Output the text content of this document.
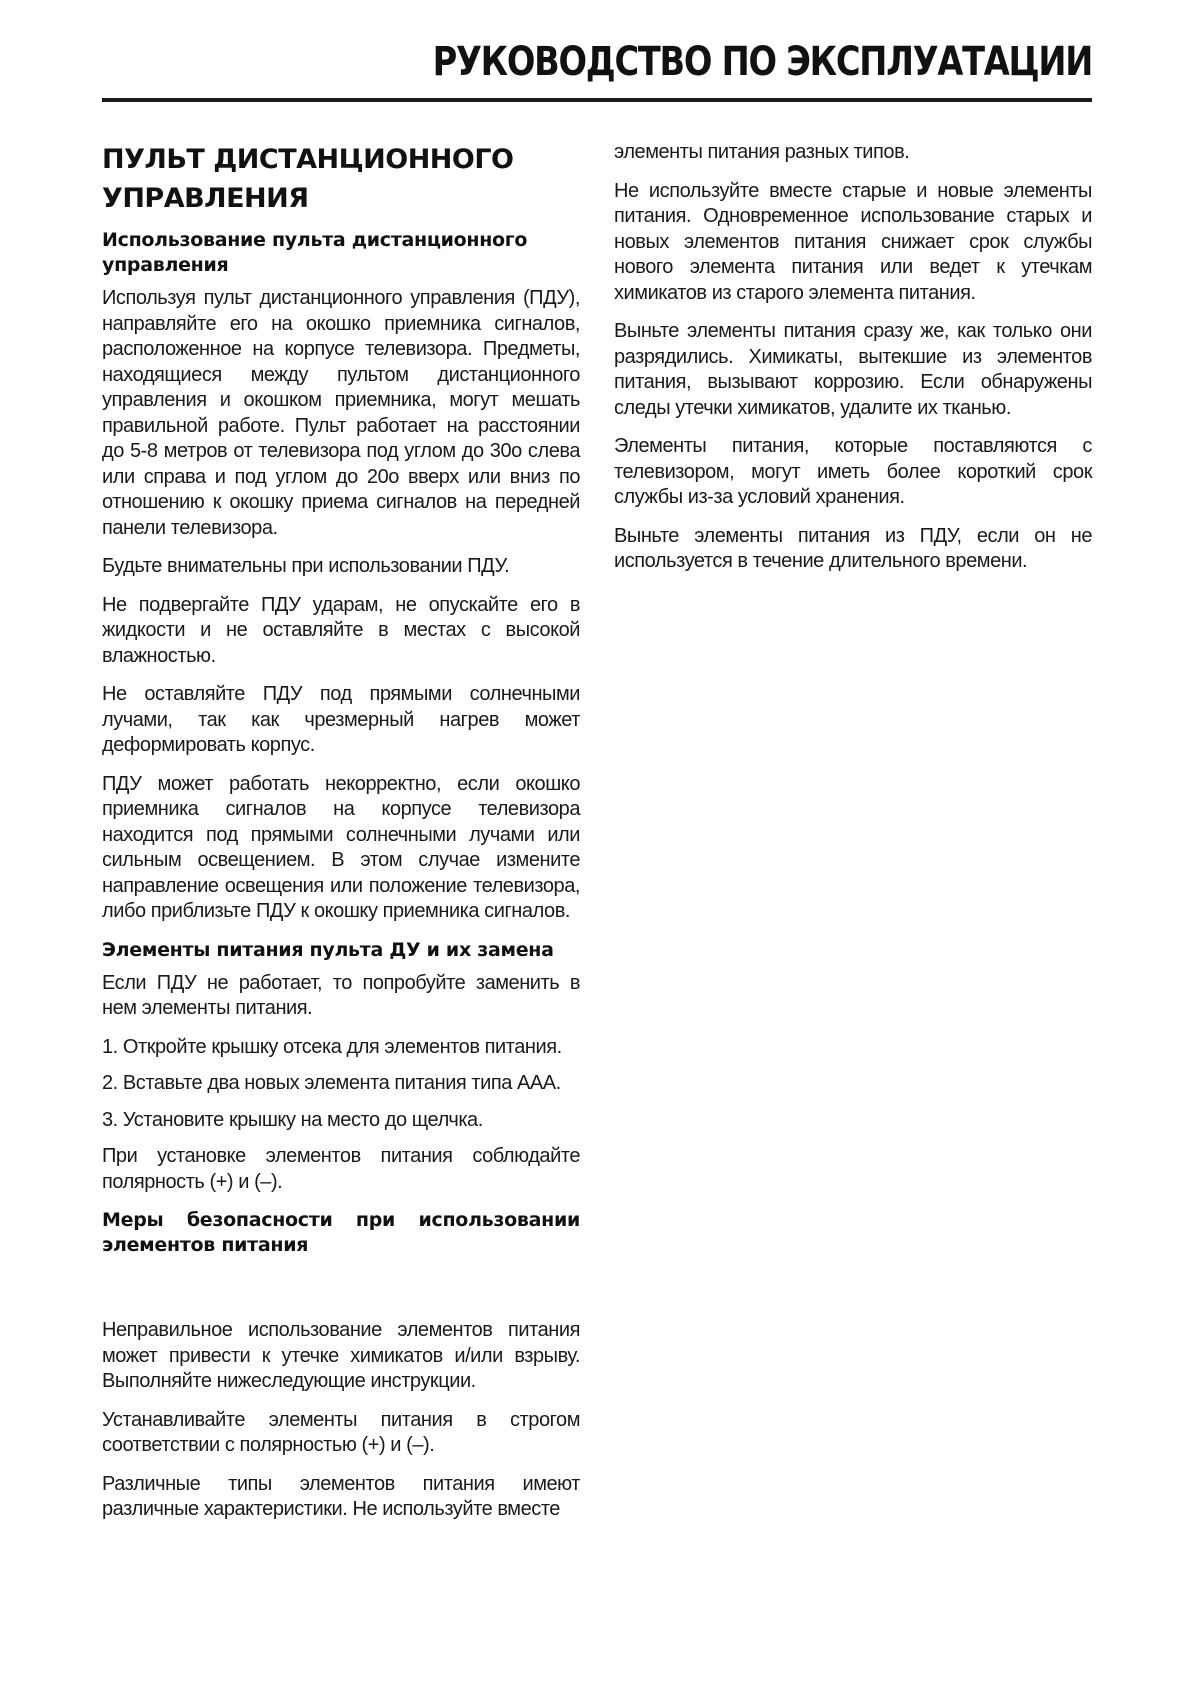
РУКОВОДСТВО ПО ЭКСПЛУАТАЦИИ
ПУЛЬТ ДИСТАНЦИОННОГО УПРАВЛЕНИЯ
Использование пульта дистанционного управления

Используя пульт дистанционного управления (ПДУ), направляйте его на окошко приемника сигналов, расположенное на корпусе телевизора. Предметы, находящиеся между пультом дистанционного управления и окошком приемника, могут мешать правильной работе. Пульт работает на расстоянии до 5-8 метров от телевизора под углом до 30о слева или справа и под углом до 20о вверх или вниз по отношению к окошку приема сигналов на передней панели телевизора.

Будьте внимательны при использовании ПДУ.

Не подвергайте ПДУ ударам, не опускайте его в жидкости и не оставляйте в местах с высокой влажностью.

Не оставляйте ПДУ под прямыми солнечными лучами, так как чрезмерный нагрев может деформировать корпус.

ПДУ может работать некорректно, если окошко приемника сигналов на корпусе телевизора находится под прямыми солнечными лучами или сильным освещением. В этом случае измените направление освещения или положение телевизора, либо приблизьте ПДУ к окошку приемника сигналов.

Элементы питания пульта ДУ и их замена

Если ПДУ не работает, то попробуйте заменить в нем элементы питания.

1. Откройте крышку отсека для элементов питания.

2. Вставьте два новых элемента питания типа ААА.

3. Установите крышку на место до щелчка.

При установке элементов питания соблюдайте полярность (+) и (–).

Меры безопасности при использовании элементов питания

Неправильное использование элементов питания может привести к утечке химикатов и/или взрыву. Выполняйте нижеследующие инструкции.

Устанавливайте элементы питания в строгом соответствии с полярностью (+) и (–).

Различные типы элементов питания имеют различные характеристики. Не используйте вместе

элементы питания разных типов.

Не используйте вместе старые и новые элементы питания. Одновременное использование старых и новых элементов питания снижает срок службы нового элемента питания или ведет к утечкам химикатов из старого элемента питания.

Выньте элементы питания сразу же, как только они разрядились. Химикаты, вытекшие из элементов питания, вызывают коррозию. Если обнаружены следы утечки химикатов, удалите их тканью.

Элементы питания, которые поставляются с телевизором, могут иметь более короткий срок службы из-за условий хранения.

Выньте элементы питания из ПДУ, если он не используется в течение длительного времени.
